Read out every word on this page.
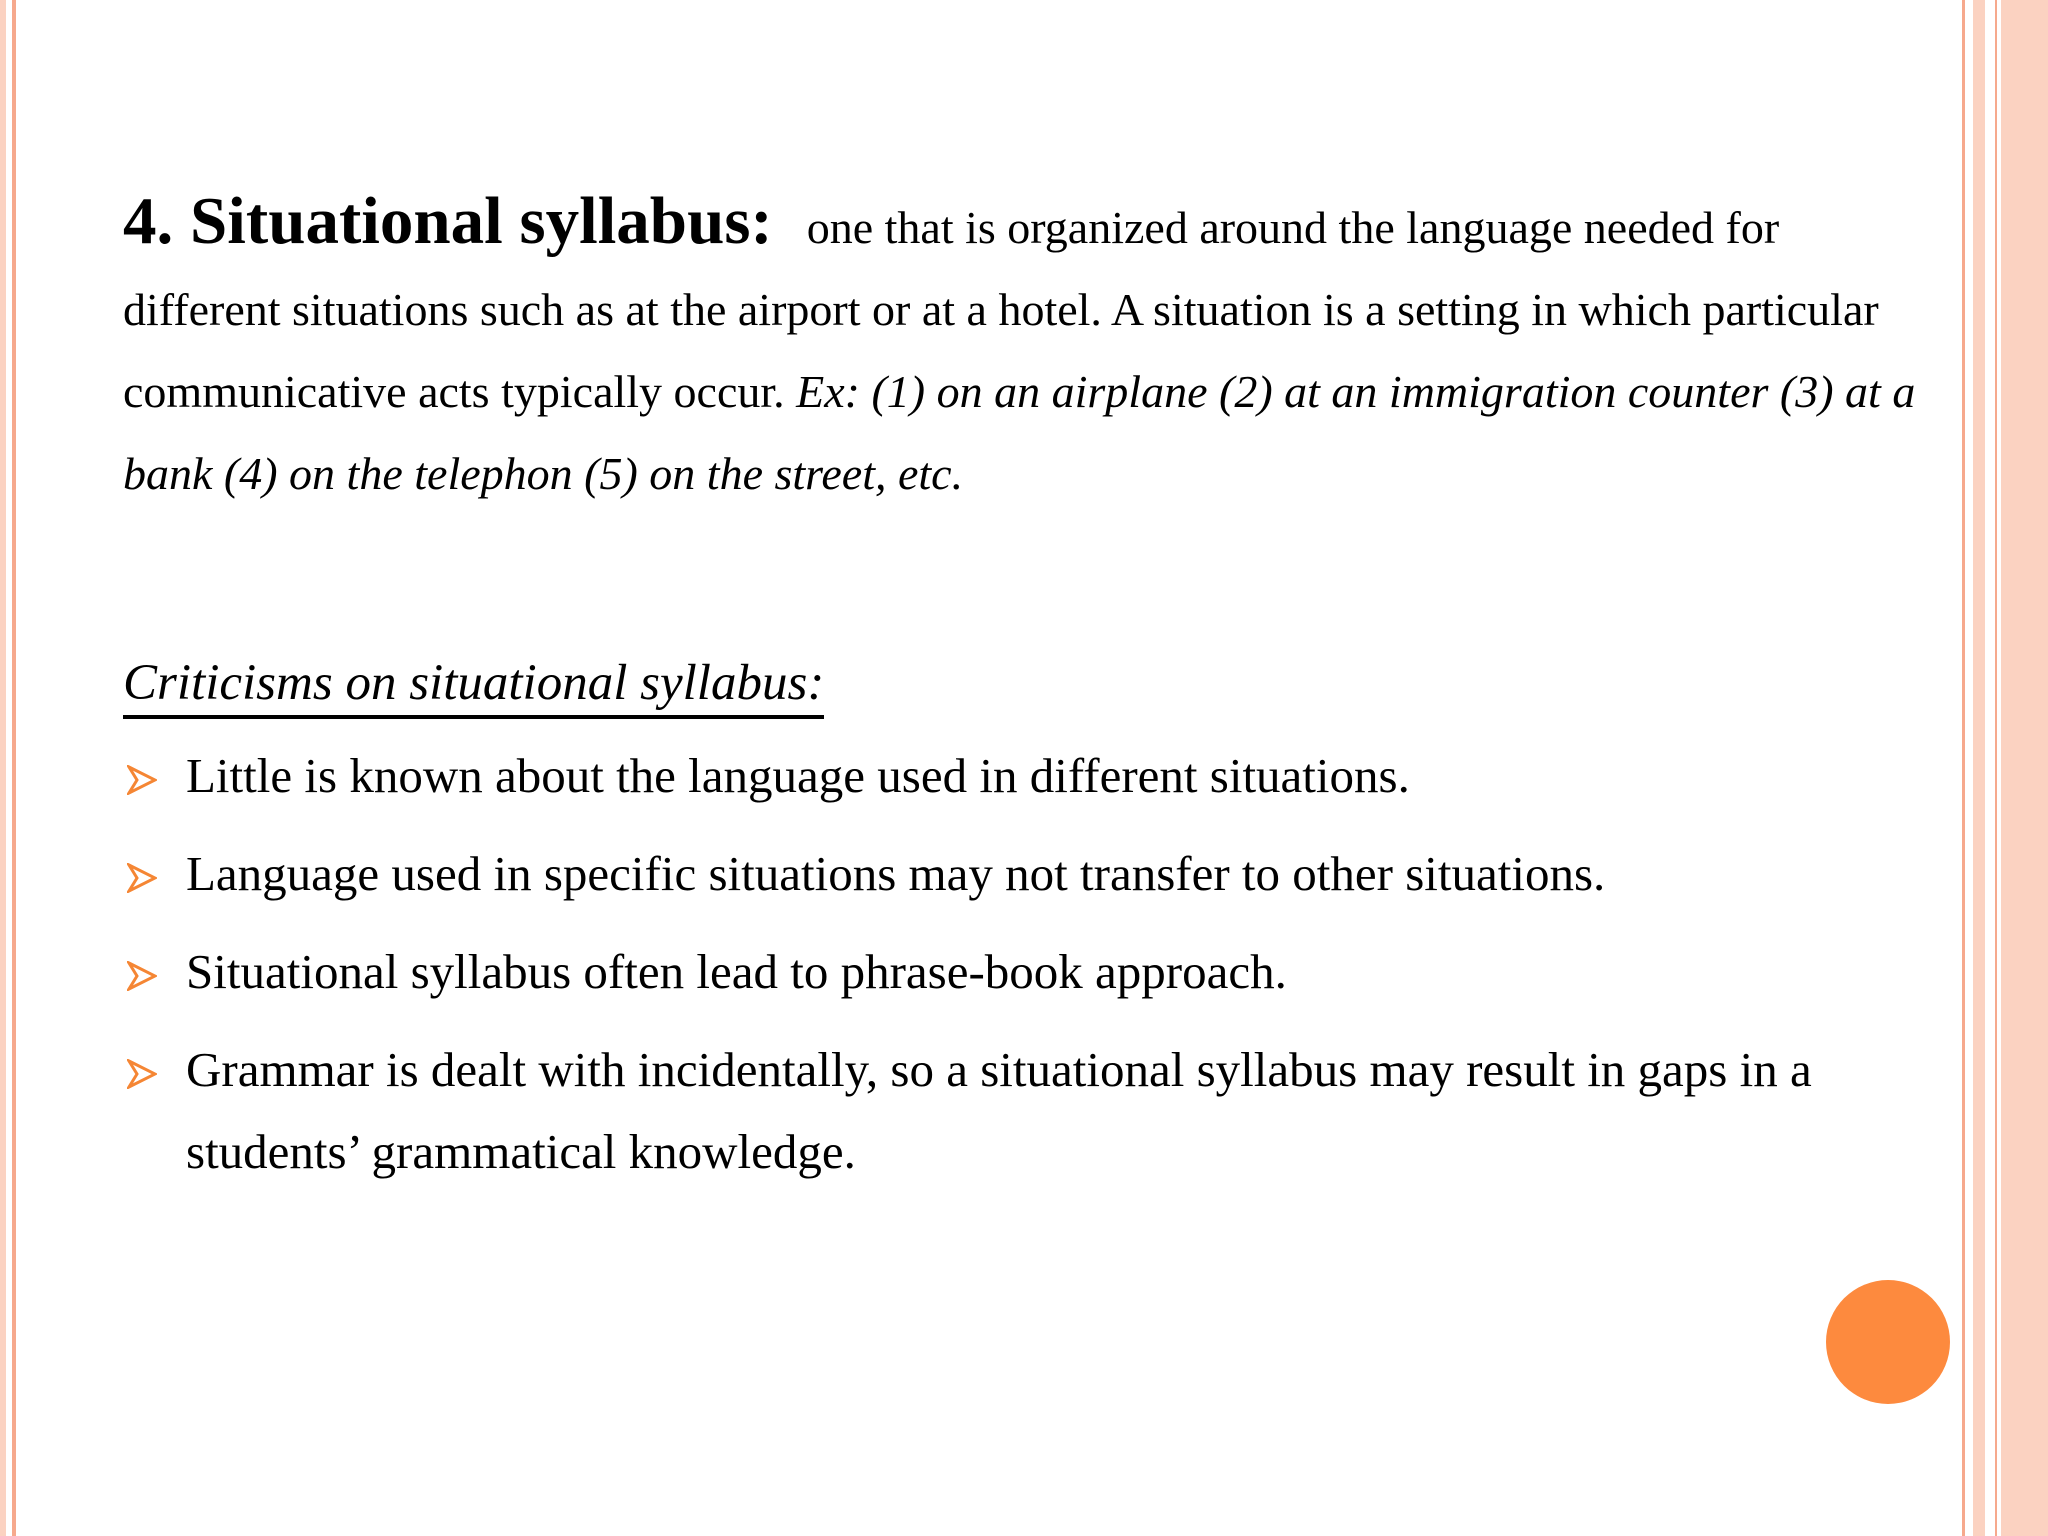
4. Situational syllabus: one that is organized around the language needed for different situations such as at the airport or at a hotel. A situation is a setting in which particular communicative acts typically occur. Ex: (1) on an airplane (2) at an immigration counter (3) at a bank (4) on the telephon (5) on the street, etc.

Criticisms on situational syllabus:
Little is known about the language used in different situations.
Language used in specific situations may not transfer to other situations.
Situational syllabus often lead to phrase-book approach.
Grammar is dealt with incidentally, so a situational syllabus may result in gaps in a students’ grammatical knowledge.
